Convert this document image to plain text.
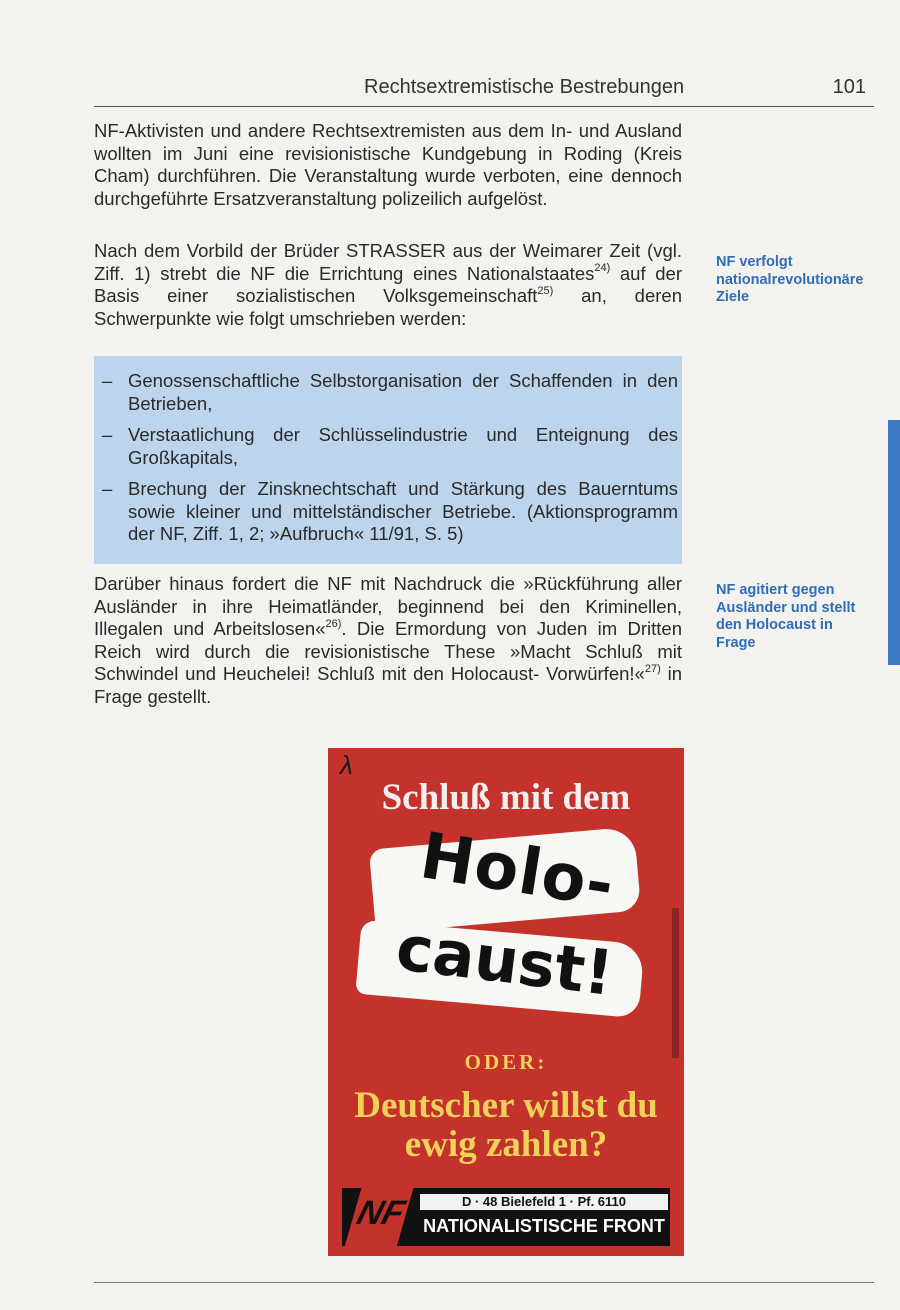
Rechtsextremistische Bestrebungen	101

NF-Aktivisten und andere Rechtsextremisten aus dem In- und Ausland wollten im Juni eine revisionistische Kundgebung in Roding (Kreis Cham) durchführen. Die Veranstaltung wurde verboten, eine dennoch durchgeführte Ersatzveranstaltung polizeilich aufgelöst.

Nach dem Vorbild der Brüder STRASSER aus der Weimarer Zeit (vgl. Ziff. 1) strebt die NF die Errichtung eines Nationalstaates$^{24)}$ auf der Basis einer sozialistischen Volksgemeinschaft$^{25)}$ an, deren Schwerpunkte wie folgt umschrieben werden:

NF verfolgt nationalrevolutionäre Ziele
– Genossenschaftliche Selbstorganisation der Schaffenden in den Betrieben,
– Verstaatlichung der Schlüsselindustrie und Enteignung des Großkapitals,
– Brechung der Zinsknechtschaft und Stärkung des Bauerntums sowie kleiner und mittelständischer Betriebe. (Aktionsprogramm der NF, Ziff. 1, 2; »Aufbruch« 11/91, S. 5)

Darüber hinaus fordert die NF mit Nachdruck die »Rückführung aller Ausländer in ihre Heimatländer, beginnend bei den Kriminellen, Illegalen und Arbeitslosen«$^{26)}$. Die Ermordung von Juden im Dritten Reich wird durch die revisionistische These »Macht Schluß mit Schwindel und Heuchelei! Schluß mit den Holocaust- Vorwürfen!«$^{27)}$ in Frage gestellt.

NF agitiert gegen Ausländer und stellt den Holocaust in Frage
λ
Schluß mit dem
Holo-
caust!
ODER:
Deutscher willst du
ewig zahlen?
NF	D · 48 Bielefeld 1 · Pf. 6110
NATIONALISTISCHE FRONT
